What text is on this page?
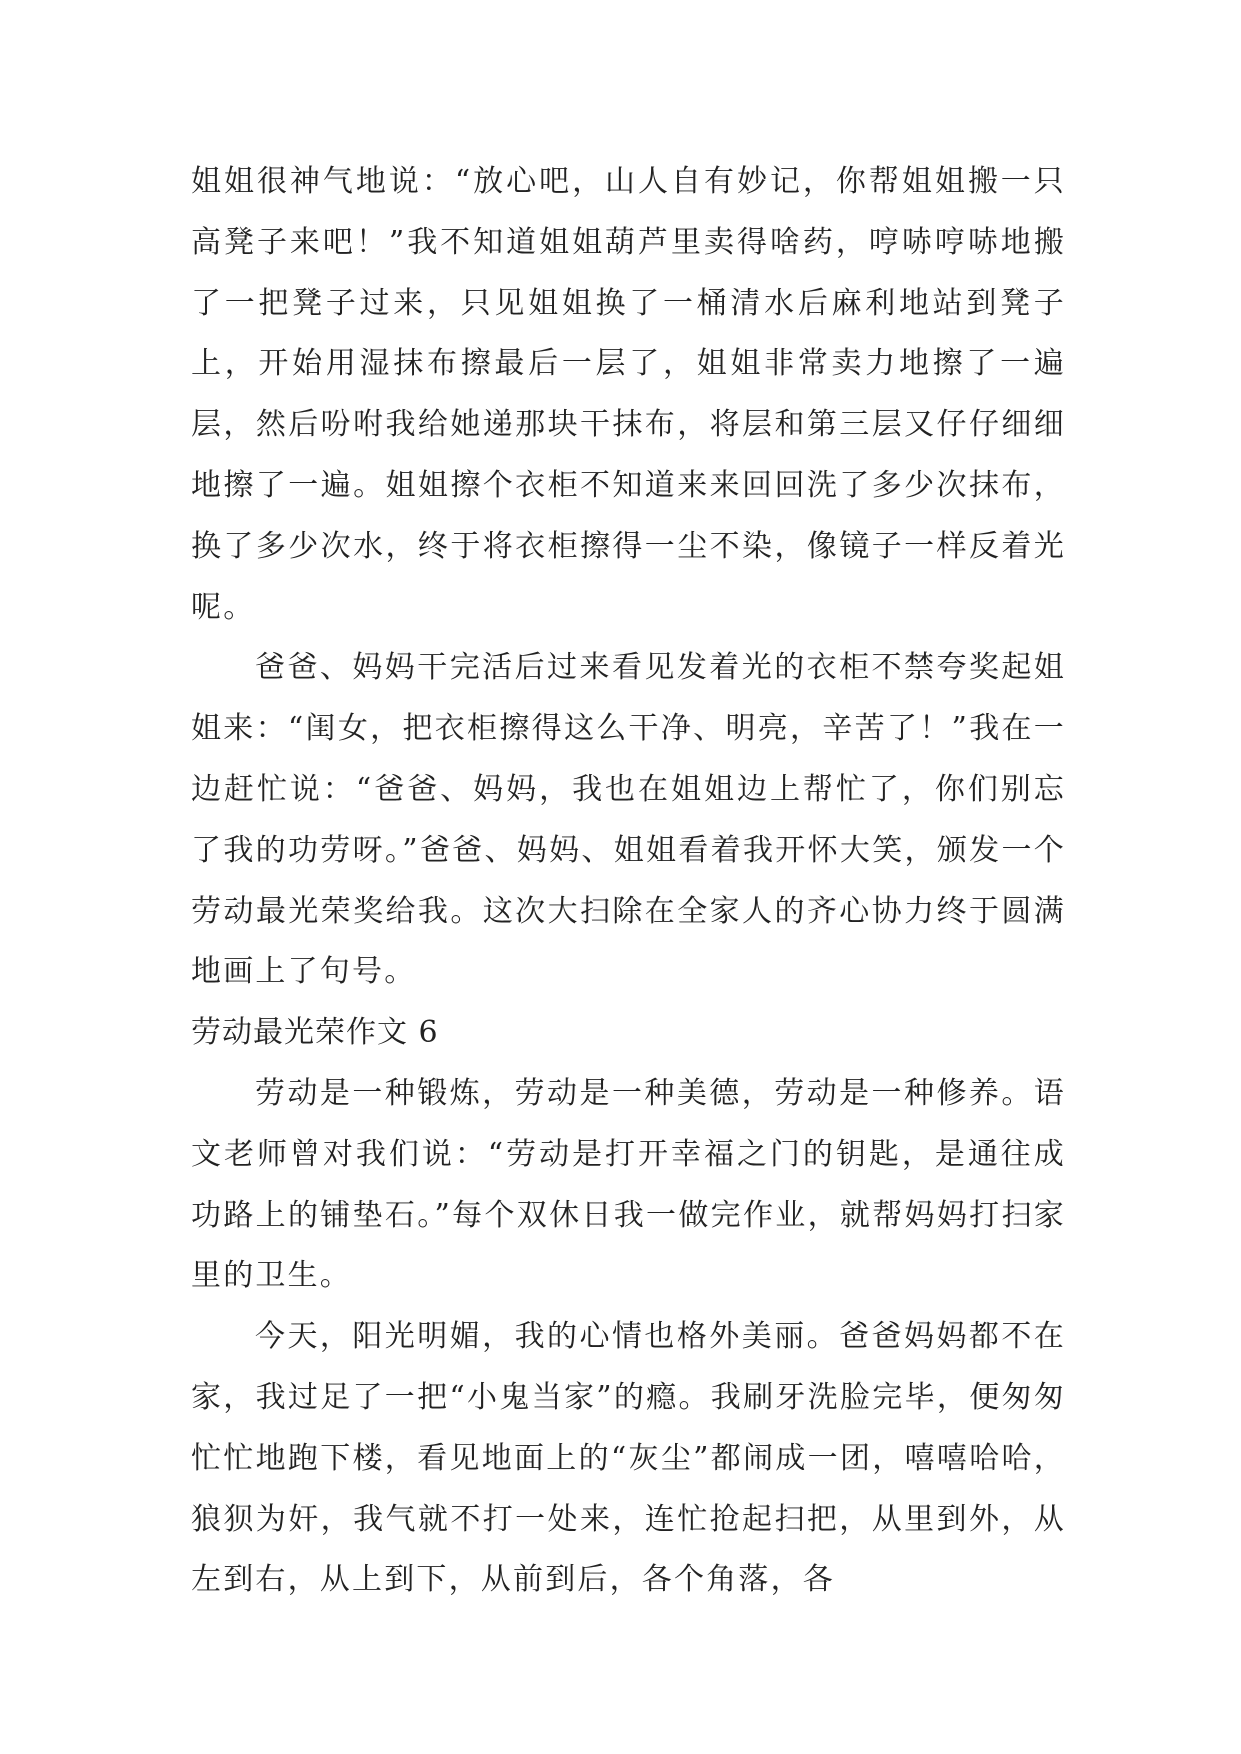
姐姐很神气地说：“放心吧，山人自有妙记，你帮姐姐搬一只高凳子来吧！”我不知道姐姐葫芦里卖得啥药，哼哧哼哧地搬了一把凳子过来，只见姐姐换了一桶清水后麻利地站到凳子上，开始用湿抹布擦最后一层了，姐姐非常卖力地擦了一遍层，然后吩咐我给她递那块干抹布，将层和第三层又仔仔细细地擦了一遍。姐姐擦个衣柜不知道来来回回洗了多少次抹布，换了多少次水，终于将衣柜擦得一尘不染，像镜子一样反着光呢。

爸爸、妈妈干完活后过来看见发着光的衣柜不禁夸奖起姐姐来：“闺女，把衣柜擦得这么干净、明亮，辛苦了！”我在一边赶忙说：“爸爸、妈妈，我也在姐姐边上帮忙了，你们别忘了我的功劳呀。”爸爸、妈妈、姐姐看着我开怀大笑，颁发一个劳动最光荣奖给我。这次大扫除在全家人的齐心协力终于圆满地画上了句号。

劳动最光荣作文 6

劳动是一种锻炼，劳动是一种美德，劳动是一种修养。语文老师曾对我们说：“劳动是打开幸福之门的钥匙，是通往成功路上的铺垫石。”每个双休日我一做完作业，就帮妈妈打扫家里的卫生。

今天，阳光明媚，我的心情也格外美丽。爸爸妈妈都不在家，我过足了一把“小鬼当家”的瘾。我刷牙洗脸完毕，便匆匆忙忙地跑下楼，看见地面上的“灰尘”都闹成一团，嘻嘻哈哈，狼狈为奸，我气就不打一处来，连忙抢起扫把，从里到外，从左到右，从上到下，从前到后，各个角落，各
